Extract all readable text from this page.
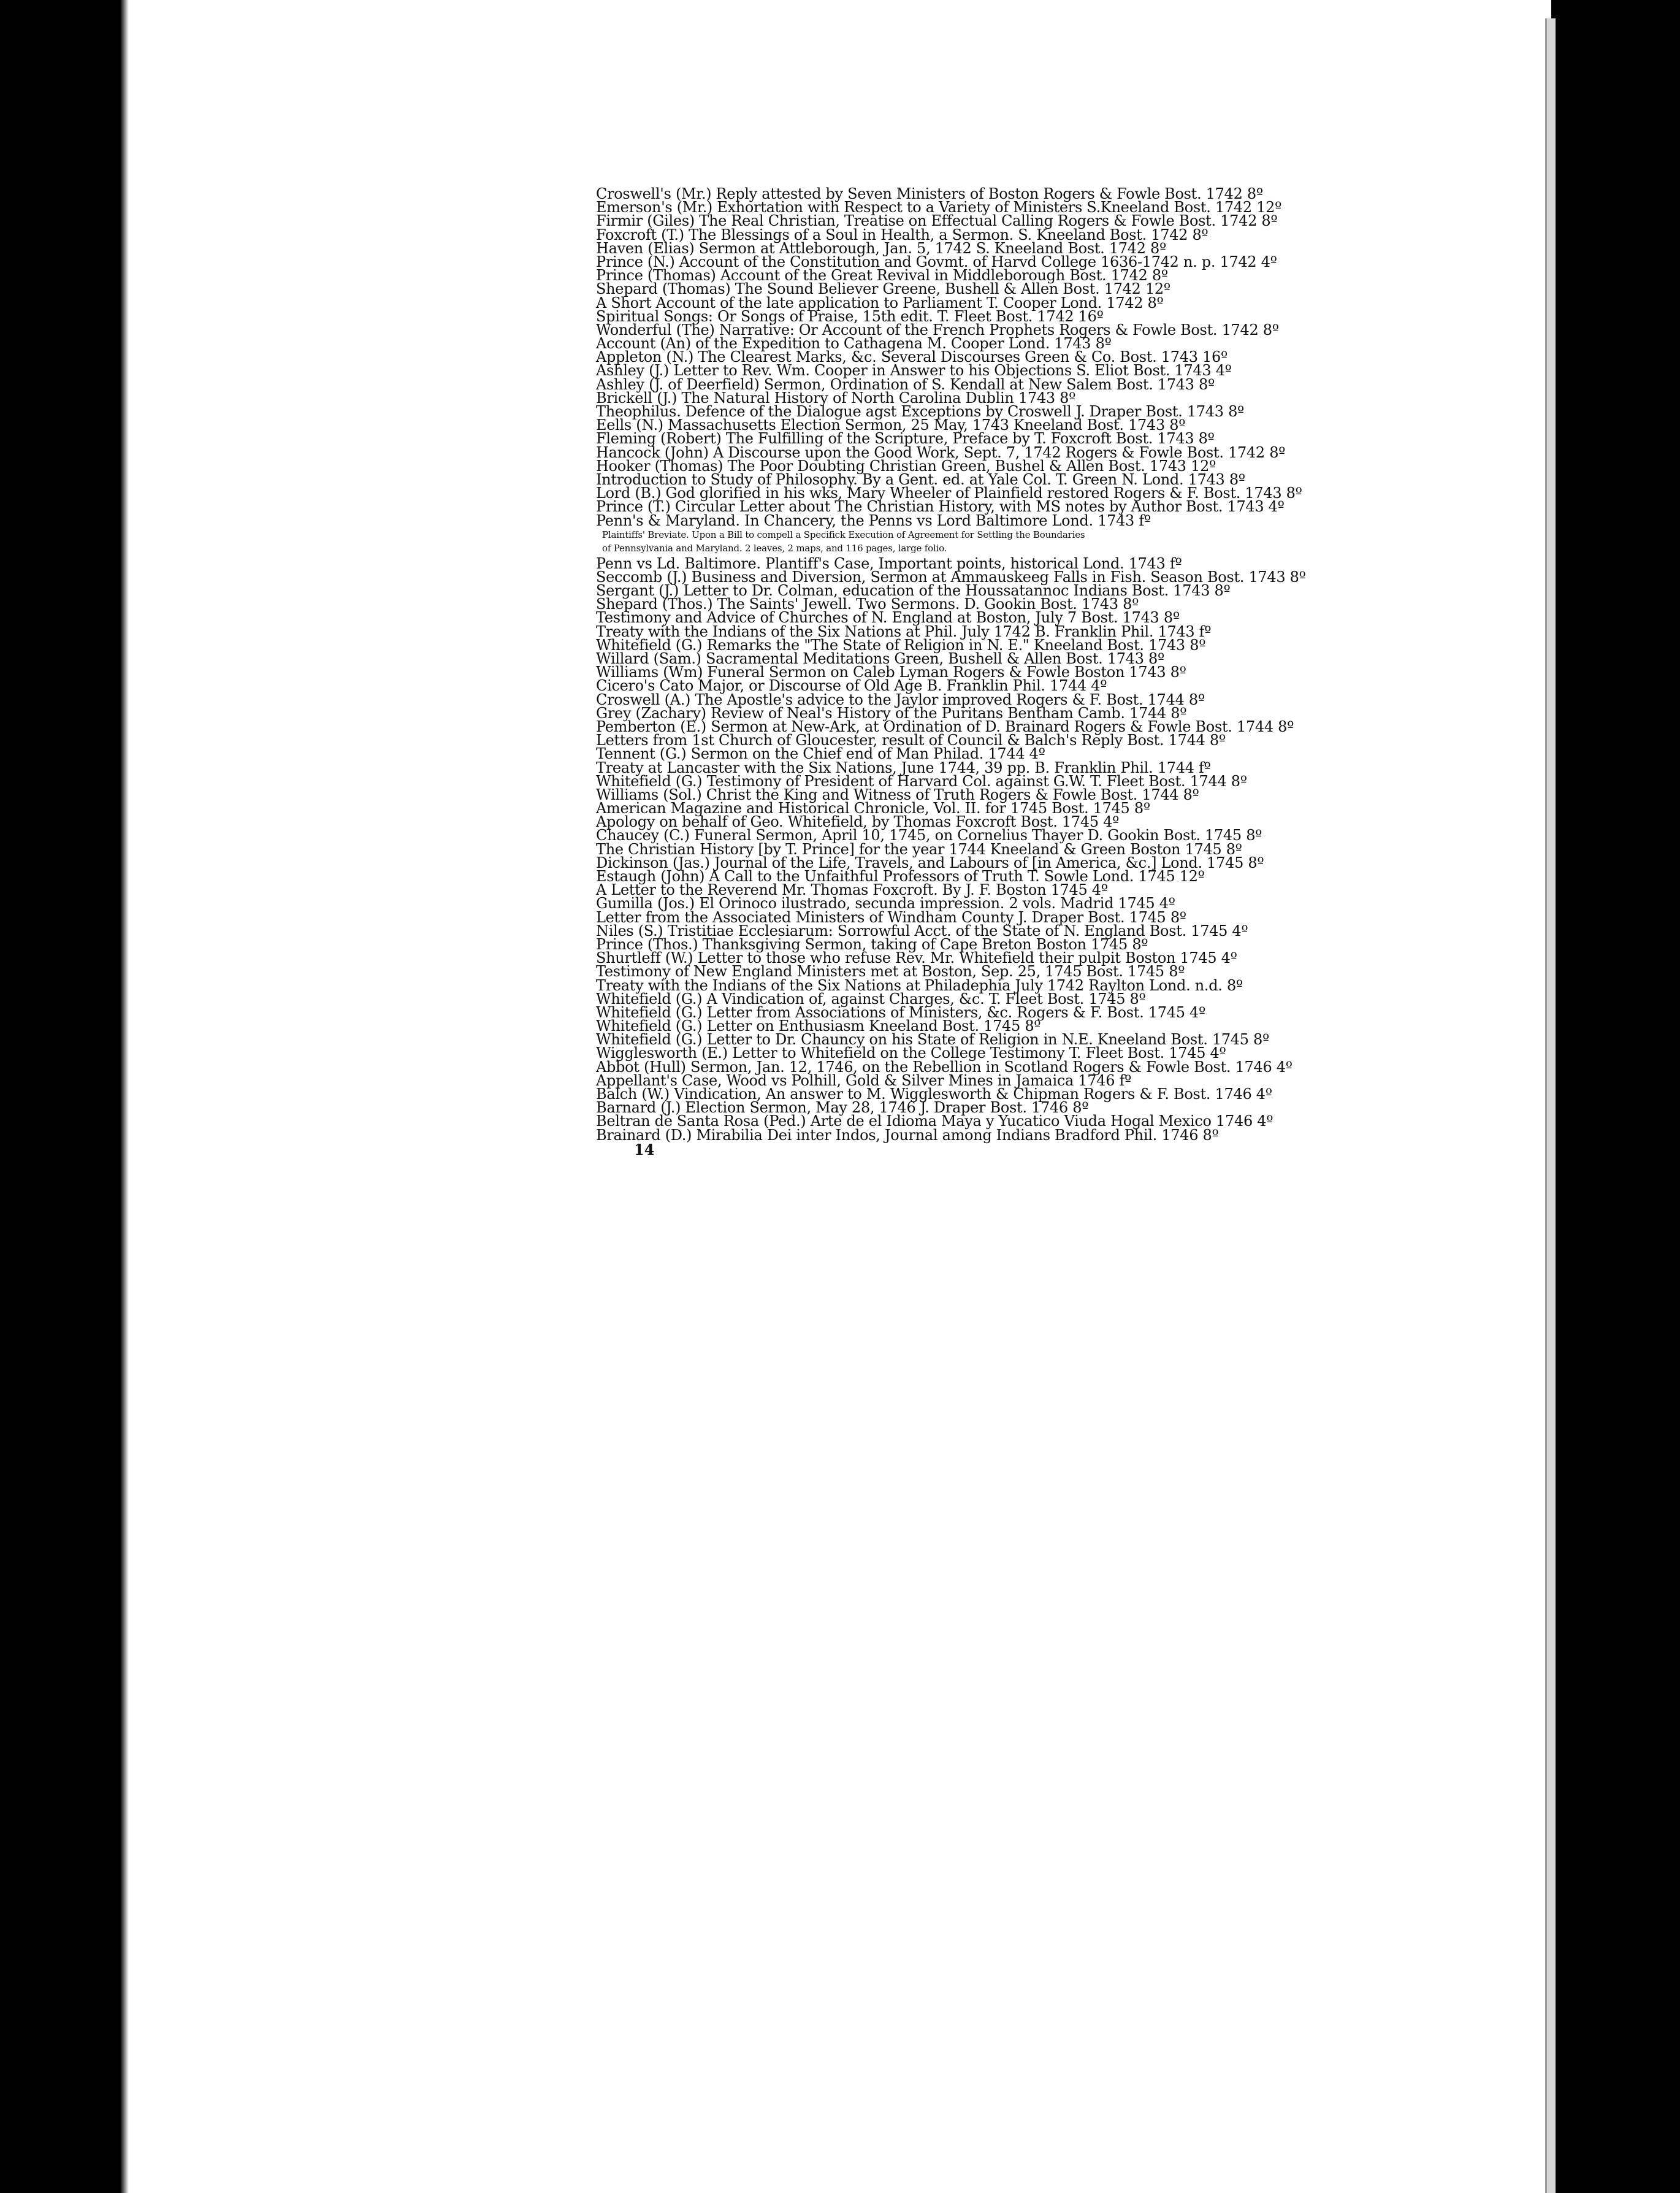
Croswell's (Mr.) Reply attested by Seven Ministers of Boston Rogers & Fowle Bost. 1742 8º
Emerson's (Mr.) Exhortation with Respect to a Variety of Ministers S.Kneeland Bost. 1742 12º
Firmir (Giles) The Real Christian, Treatise on Effectual Calling Rogers & Fowle Bost. 1742 8º
Foxcroft (T.) The Blessings of a Soul in Health, a Sermon. S. Kneeland Bost. 1742 8º
Haven (Elias) Sermon at Attleborough, Jan. 5, 1742 S. Kneeland Bost. 1742 8º
Prince (N.) Account of the Constitution and Govmt. of Harvd College 1636-1742 n. p. 1742 4º
Prince (Thomas) Account of the Great Revival in Middleborough Bost. 1742 8º
Shepard (Thomas) The Sound Believer Greene, Bushell & Allen Bost. 1742 12º
A Short Account of the late application to Parliament T. Cooper Lond. 1742 8º
Spiritual Songs: Or Songs of Praise, 15th edit. T. Fleet Bost. 1742 16º
Wonderful (The) Narrative: Or Account of the French Prophets Rogers & Fowle Bost. 1742 8º
Account (An) of the Expedition to Cathagena M. Cooper Lond. 1743 8º
Appleton (N.) The Clearest Marks, &c. Several Discourses Green & Co. Bost. 1743 16º
Ashley (J.) Letter to Rev. Wm. Cooper in Answer to his Objections S. Eliot Bost. 1743 4º
Ashley (J. of Deerfield) Sermon, Ordination of S. Kendall at New Salem Bost. 1743 8º
Brickell (J.) The Natural History of North Carolina Dublin 1743 8º
Theophilus. Defence of the Dialogue agst Exceptions by Croswell J. Draper Bost. 1743 8º
Eells (N.) Massachusetts Election Sermon, 25 May, 1743 Kneeland Bost. 1743 8º
Fleming (Robert) The Fulfilling of the Scripture, Preface by T. Foxcroft Bost. 1743 8º
Hancock (John) A Discourse upon the Good Work, Sept. 7, 1742 Rogers & Fowle Bost. 1742 8º
Hooker (Thomas) The Poor Doubting Christian Green, Bushel & Allen Bost. 1743 12º
Introduction to Study of Philosophy. By a Gent. ed. at Yale Col. T. Green N. Lond. 1743 8º
Lord (B.) God glorified in his wks, Mary Wheeler of Plainfield restored Rogers & F. Bost. 1743 8º
Prince (T.) Circular Letter about The Christian History, with MS notes by Author Bost. 1743 4º
Penn's & Maryland. In Chancery, the Penns vs Lord Baltimore Lond. 1743 fº
Plaintiffs' Breviate. Upon a Bill to compell a Specifick Execution of Agreement for Settling the Boundaries
of Pennsylvania and Maryland. 2 leaves, 2 maps, and 116 pages, large folio.
Penn vs Ld. Baltimore. Plantiff's Case, Important points, historical Lond. 1743 fº
Seccomb (J.) Business and Diversion, Sermon at Ammauskeeg Falls in Fish. Season Bost. 1743 8º
Sergant (J.) Letter to Dr. Colman, education of the Houssatannoc Indians Bost. 1743 8º
Shepard (Thos.) The Saints' Jewell. Two Sermons. D. Gookin Bost. 1743 8º
Testimony and Advice of Churches of N. England at Boston, July 7 Bost. 1743 8º
Treaty with the Indians of the Six Nations at Phil. July 1742 B. Franklin Phil. 1743 fº
Whitefield (G.) Remarks the "The State of Religion in N. E." Kneeland Bost. 1743 8º
Willard (Sam.) Sacramental Meditations Green, Bushell & Allen Bost. 1743 8º
Williams (Wm) Funeral Sermon on Caleb Lyman Rogers & Fowle Boston 1743 8º
Cicero's Cato Major, or Discourse of Old Age B. Franklin Phil. 1744 4º
Croswell (A.) The Apostle's advice to the Jaylor improved Rogers & F. Bost. 1744 8º
Grey (Zachary) Review of Neal's History of the Puritans Bentham Camb. 1744 8º
Pemberton (E.) Sermon at New-Ark, at Ordination of D. Brainard Rogers & Fowle Bost. 1744 8º
Letters from 1st Church of Gloucester, result of Council & Balch's Reply Bost. 1744 8º
Tennent (G.) Sermon on the Chief end of Man Philad. 1744 4º
Treaty at Lancaster with the Six Nations, June 1744, 39 pp. B. Franklin Phil. 1744 fº
Whitefield (G.) Testimony of President of Harvard Col. against G.W. T. Fleet Bost. 1744 8º
Williams (Sol.) Christ the King and Witness of Truth Rogers & Fowle Bost. 1744 8º
American Magazine and Historical Chronicle, Vol. II. for 1745 Bost. 1745 8º
Apology on behalf of Geo. Whitefield, by Thomas Foxcroft Bost. 1745 4º
Chaucey (C.) Funeral Sermon, April 10, 1745, on Cornelius Thayer D. Gookin Bost. 1745 8º
The Christian History [by T. Prince] for the year 1744 Kneeland & Green Boston 1745 8º
Dickinson (Jas.) Journal of the Life, Travels, and Labours of [in America, &c.] Lond. 1745 8º
Estaugh (John) A Call to the Unfaithful Professors of Truth T. Sowle Lond. 1745 12º
A Letter to the Reverend Mr. Thomas Foxcroft. By J. F. Boston 1745 4º
Gumilla (Jos.) El Orinoco ilustrado, secunda impression. 2 vols. Madrid 1745 4º
Letter from the Associated Ministers of Windham County J. Draper Bost. 1745 8º
Niles (S.) Tristitiae Ecclesiarum: Sorrowful Acct. of the State of N. England Bost. 1745 4º
Prince (Thos.) Thanksgiving Sermon, taking of Cape Breton Boston 1745 8º
Shurtleff (W.) Letter to those who refuse Rev. Mr. Whitefield their pulpit Boston 1745 4º
Testimony of New England Ministers met at Boston, Sep. 25, 1745 Bost. 1745 8º
Treaty with the Indians of the Six Nations at Philadephia July 1742 Raylton Lond. n.d. 8º
Whitefield (G.) A Vindication of, against Charges, &c. T. Fleet Bost. 1745 8º
Whitefield (G.) Letter from Associations of Ministers, &c. Rogers & F. Bost. 1745 4º
Whitefield (G.) Letter on Enthusiasm Kneeland Bost. 1745 8º
Whitefield (G.) Letter to Dr. Chauncy on his State of Religion in N.E. Kneeland Bost. 1745 8º
Wigglesworth (E.) Letter to Whitefield on the College Testimony T. Fleet Bost. 1745 4º
Abbot (Hull) Sermon, Jan. 12, 1746, on the Rebellion in Scotland Rogers & Fowle Bost. 1746 4º
Appellant's Case, Wood vs Polhill, Gold & Silver Mines in Jamaica 1746 fº
Balch (W.) Vindication, An answer to M. Wigglesworth & Chipman Rogers & F. Bost. 1746 4º
Barnard (J.) Election Sermon, May 28, 1746 J. Draper Bost. 1746 8º
Beltran de Santa Rosa (Ped.) Arte de el Idioma Maya y Yucatico Viuda Hogal Mexico 1746 4º
Brainard (D.) Mirabilia Dei inter Indos, Journal among Indians Bradford Phil. 1746 8º
14
